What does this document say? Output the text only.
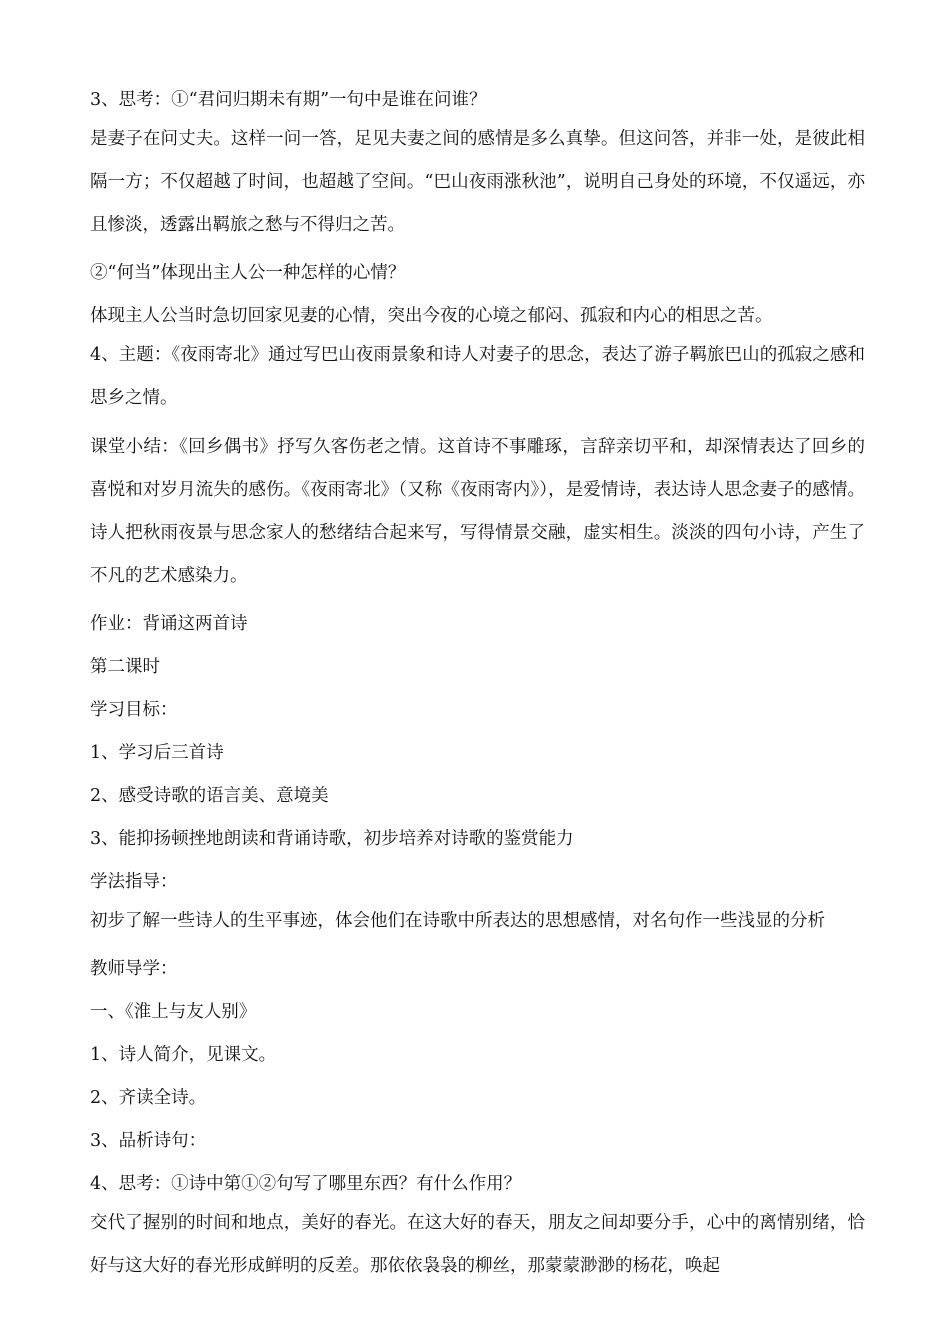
3、思考：①“君问归期未有期”一句中是谁在问谁？

是妻子在问丈夫。这样一问一答，足见夫妻之间的感情是多么真挚。但这问答，并非一处，是彼此相隔一方；不仅超越了时间，也超越了空间。“巴山夜雨涨秋池”，说明自己身处的环境，不仅遥远，亦且惨淡，透露出羁旅之愁与不得归之苦。

②“何当”体现出主人公一种怎样的心情？

体现主人公当时急切回家见妻的心情，突出今夜的心境之郁闷、孤寂和内心的相思之苦。

4、主题：《夜雨寄北》通过写巴山夜雨景象和诗人对妻子的思念，表达了游子羁旅巴山的孤寂之感和思乡之情。

课堂小结：《回乡偶书》抒写久客伤老之情。这首诗不事雕琢，言辞亲切平和，却深情表达了回乡的喜悦和对岁月流失的感伤。《夜雨寄北》（又称《夜雨寄内》），是爱情诗，表达诗人思念妻子的感情。诗人把秋雨夜景与思念家人的愁绪结合起来写，写得情景交融，虚实相生。淡淡的四句小诗，产生了不凡的艺术感染力。

作业：背诵这两首诗

第二课时

学习目标：

1、学习后三首诗

2、感受诗歌的语言美、意境美

3、能抑扬顿挫地朗读和背诵诗歌，初步培养对诗歌的鉴赏能力

学法指导：

初步了解一些诗人的生平事迹，体会他们在诗歌中所表达的思想感情，对名句作一些浅显的分析

教师导学：

一、《淮上与友人别》

1、诗人简介，见课文。

2、齐读全诗。

3、品析诗句：

4、思考：①诗中第①②句写了哪里东西？有什么作用？

交代了握别的时间和地点，美好的春光。在这大好的春天，朋友之间却要分手，心中的离情别绪，恰好与这大好的春光形成鲜明的反差。那依依袅袅的柳丝，那蒙蒙渺渺的杨花，唤起
